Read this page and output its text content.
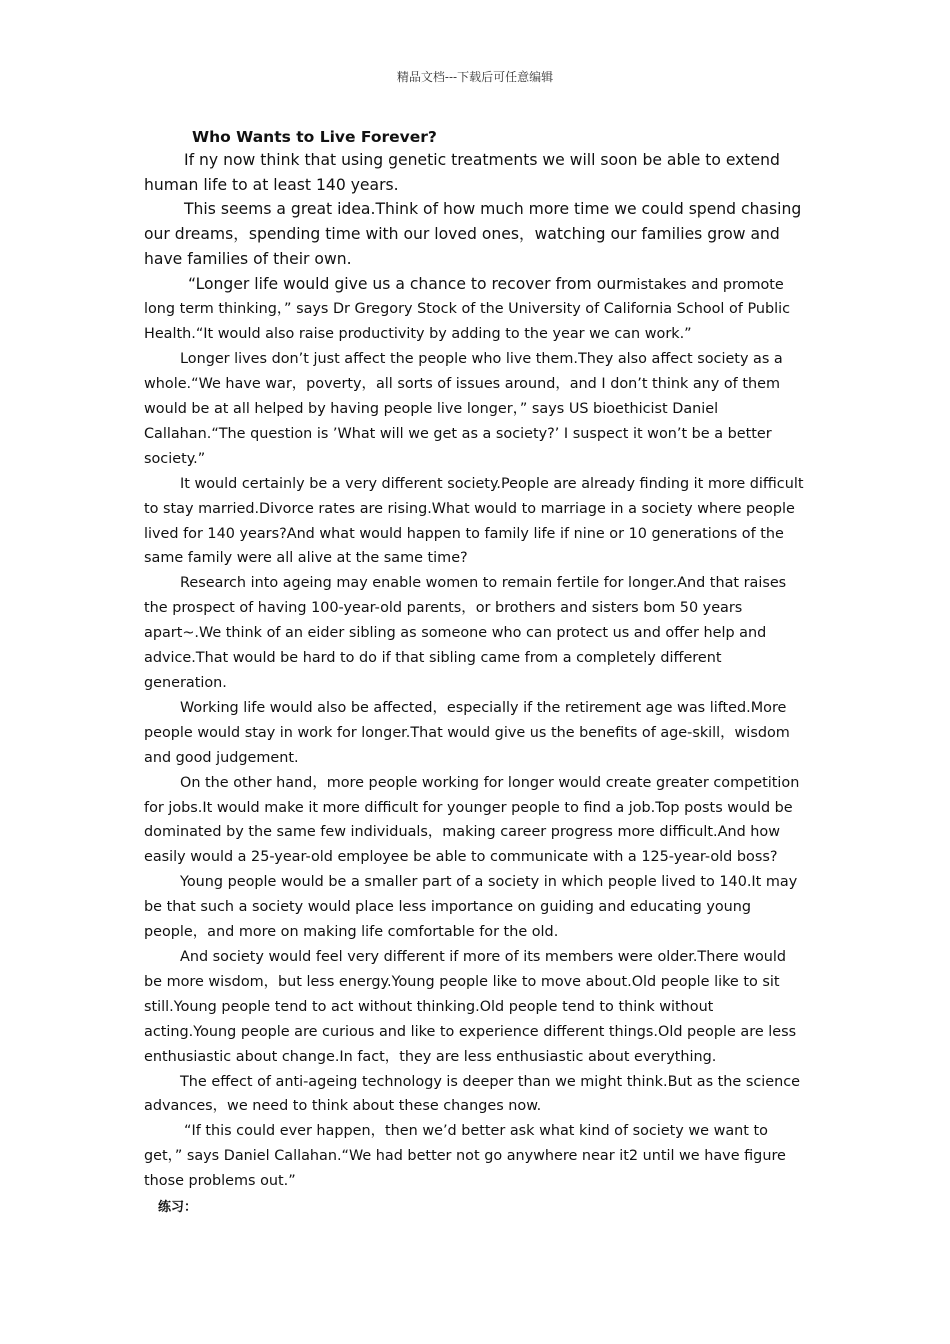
精品文档---下载后可任意编辑

Who Wants to Live Forever?

If ny now think that using genetic treatments we will soon be able to extend human life to at least 140 years.

This seems a great idea.Think of how much more time we could spend chasing our dreams，spending time with our loved ones，watching our families grow and have families of their own.

“Longer life would give us a chance to recover from ourmistakes and promote long term thinking，” says Dr Gregory Stock of the University of California School of Public Health.“It would also raise productivity by adding to the year we can work.”

Longer lives don’t just affect the people who live them.They also affect society as a whole.“We have war，poverty，all sorts of issues around，and I don’t think any of them would be at all helped by having people live longer，” says US bioethicist Daniel Callahan.“The question is ’What will we get as a society?’ I suspect it won’t be a better society.”

It would certainly be a very different society.People are already finding it more difficult to stay married.Divorce rates are rising.What would to marriage in a society where people lived for 140 years?And what would happen to family life if nine or 10 generations of the same family were all alive at the same time?

Research into ageing may enable women to remain fertile for longer.And that raises the prospect of having 100-year-old parents，or brothers and sisters bom 50 years apart~.We think of an eider sibling as someone who can protect us and offer help and advice.That would be hard to do if that sibling came from a completely different generation.

Working life would also be affected，especially if the retirement age was lifted.More people would stay in work for longer.That would give us the benefits of age-skill，wisdom and good judgement.

On the other hand，more people working for longer would create greater competition for jobs.It would make it more difficult for younger people to find a job.Top posts would be dominated by the same few individuals，making career progress more difficult.And how easily would a 25-year-old employee be able to communicate with a 125-year-old boss?

Young people would be a smaller part of a society in which people lived to 140.It may be that such a society would place less importance on guiding and educating young people，and more on making life comfortable for the old.

And society would feel very different if more of its members were older.There would be more wisdom，but less energy.Young people like to move about.Old people like to sit still.Young people tend to act without thinking.Old people tend to think without acting.Young people are curious and like to experience different things.Old people are less enthusiastic about change.In fact，they are less enthusiastic about everything.

The effect of anti-ageing technology is deeper than we might think.But as the science advances，we need to think about these changes now.

“If this could ever happen，then we’d better ask what kind of society we want to get，” says Daniel Callahan.“We had better not go anywhere near it2 until we have figure those problems out.”

练习：
